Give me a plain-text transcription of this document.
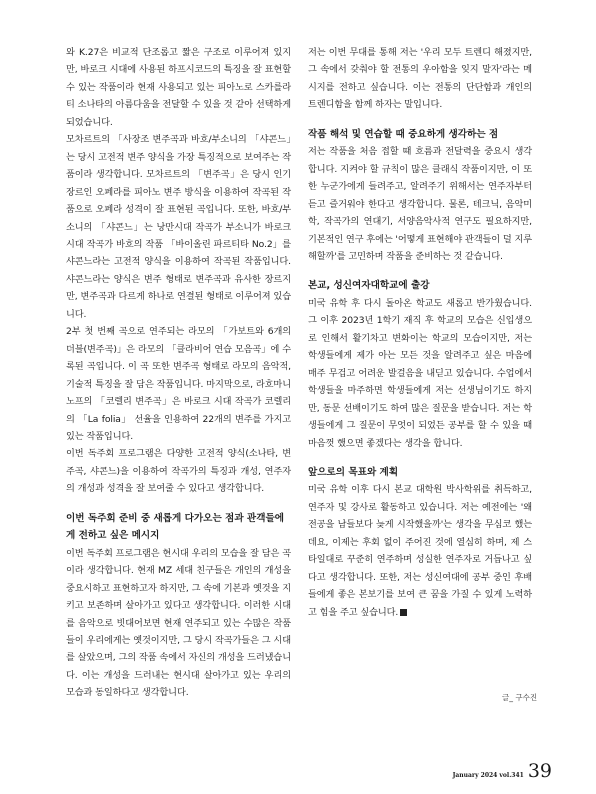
와 K.27은 비교적 단조롭고 짧은 구조로 이루어져 있지만, 바로크 시대에 사용된 하프시코드의 특징을 잘 표현할 수 있는 작품이라 현재 사용되고 있는 피아노로 스카를라티 소나타의 아름다움을 전달할 수 있을 것 같아 선택하게 되었습니다.

모차르트의 「사장조 변주곡과 바흐/부소니의 「샤콘느」는 당시 고전적 변주 양식을 가장 특징적으로 보여주는 작품이라 생각합니다. 모차르트의 「변주곡」은 당시 인기 장르인 오페라를 피아노 변주 방식을 이용하여 작곡된 작품으로 오페라 성격이 잘 표현된 곡입니다. 또한, 바흐/부소니의 「샤콘느」는 낭만시대 작곡가 부소니가 바로크 시대 작곡가 바흐의 작품 「바이올린 파르티타 No.2」를 샤콘느라는 고전적 양식을 이용하여 작곡된 작품입니다. 샤콘느라는 양식은 변주 형태로 변주곡과 유사한 장르지만, 변주곡과 다르게 하나로 연결된 형태로 이루어져 있습니다.

2부 첫 번째 곡으로 연주되는 라모의 「가보트와 6개의 더블(변주곡)」은 라모의 「클라비어 연습 모음곡」에 수록된 곡입니다. 이 곡 또한 변주곡 형태로 라모의 음악적, 기술적 특징을 잘 담은 작품입니다. 마지막으로, 라흐마니노프의 「코렐리 변주곡」은 바로크 시대 작곡가 코렐리의 「La folia」 선율을 인용하여 22개의 변주를 가지고 있는 작품입니다.

이번 독주회 프로그램은 다양한 고전적 양식(소나타, 변주곡, 샤콘느)을 이용하여 작곡가의 특징과 개성, 연주자의 개성과 성격을 잘 보여줄 수 있다고 생각합니다.

이번 독주회 준비 중 새롭게 다가오는 점과 관객들에게 전하고 싶은 메시지

이번 독주회 프로그램은 현시대 우리의 모습을 잘 담은 곡이라 생각합니다. 현재 MZ 세대 친구들은 개인의 개성을 중요시하고 표현하고자 하지만, 그 속에 기본과 옛것을 지키고 보존하며 살아가고 있다고 생각합니다. 이러한 시대를 음악으로 빗대어보면 현재 연주되고 있는 수많은 작품들이 우리에게는 옛것이지만, 그 당시 작곡가들은 그 시대를 살았으며, 그의 작품 속에서 자신의 개성을 드러냈습니다. 이는 개성을 드러내는 현시대 살아가고 있는 우리의 모습과 동일하다고 생각합니다.

저는 이번 무대를 통해 저는 '우리 모두 트렌디 해졌지만, 그 속에서 갖춰야 할 전통의 우아함을 잊지 말자'라는 메시지를 전하고 싶습니다. 이는 전통의 단단함과 개인의 트렌디함을 함께 하자는 말입니다.

작품 해석 및 연습할 때 중요하게 생각하는 점

저는 작품을 처음 접할 때 흐름과 전달력을 중요시 생각합니다. 지켜야 할 규칙이 많은 클래식 작품이지만, 이 또한 누군가에게 들려주고, 알려주기 위해서는 연주자부터 듣고 즐거워야 한다고 생각합니다. 물론, 테크닉, 음악미학, 작곡가의 연대기, 서양음악사적 연구도 필요하지만, 기본적인 연구 후에는 '어떻게 표현해야 관객들이 덜 지루해할까'를 고민하며 작품을 준비하는 것 같습니다.

본교, 성신여자대학교에 출강

미국 유학 후 다시 돌아온 학교도 새롭고 반가웠습니다. 그 이후 2023년 1학기 재직 후 학교의 모습은 신입생으로 인해서 활기차고 변화이는 학교의 모습이지만, 저는 학생들에게 제가 아는 모든 것을 알려주고 싶은 마음에 매주 무겁고 어려운 발걸음을 내딛고 있습니다. 수업에서 학생들을 마주하면 학생들에게 저는 선생님이기도 하지만, 동문 선배이기도 하여 많은 질문을 받습니다. 저는 학생들에게 그 질문이 무엇이 되었든 공부를 할 수 있을 때 마음껏 했으면 좋겠다는 생각을 합니다.

앞으로의 목표와 계획

미국 유학 이후 다시 본교 대학원 박사학위를 취득하고, 연주자 및 강사로 활동하고 있습니다. 저는 예전에는 '왜 전공을 남들보다 늦게 시작했을까'는 생각을 무심코 했는데요, 이제는 후회 없이 주어진 것에 열심히 하며, 제 스타일대로 꾸준히 연주하며 성실한 연주자로 거듭나고 싶다고 생각합니다. 또한, 저는 성신여대에 공부 중인 후배들에게 좋은 본보기를 보여 큰 꿈을 가질 수 있게 노력하고 힘을 주고 싶습니다.

글_ 구수진
January 2024 vol.341 39
